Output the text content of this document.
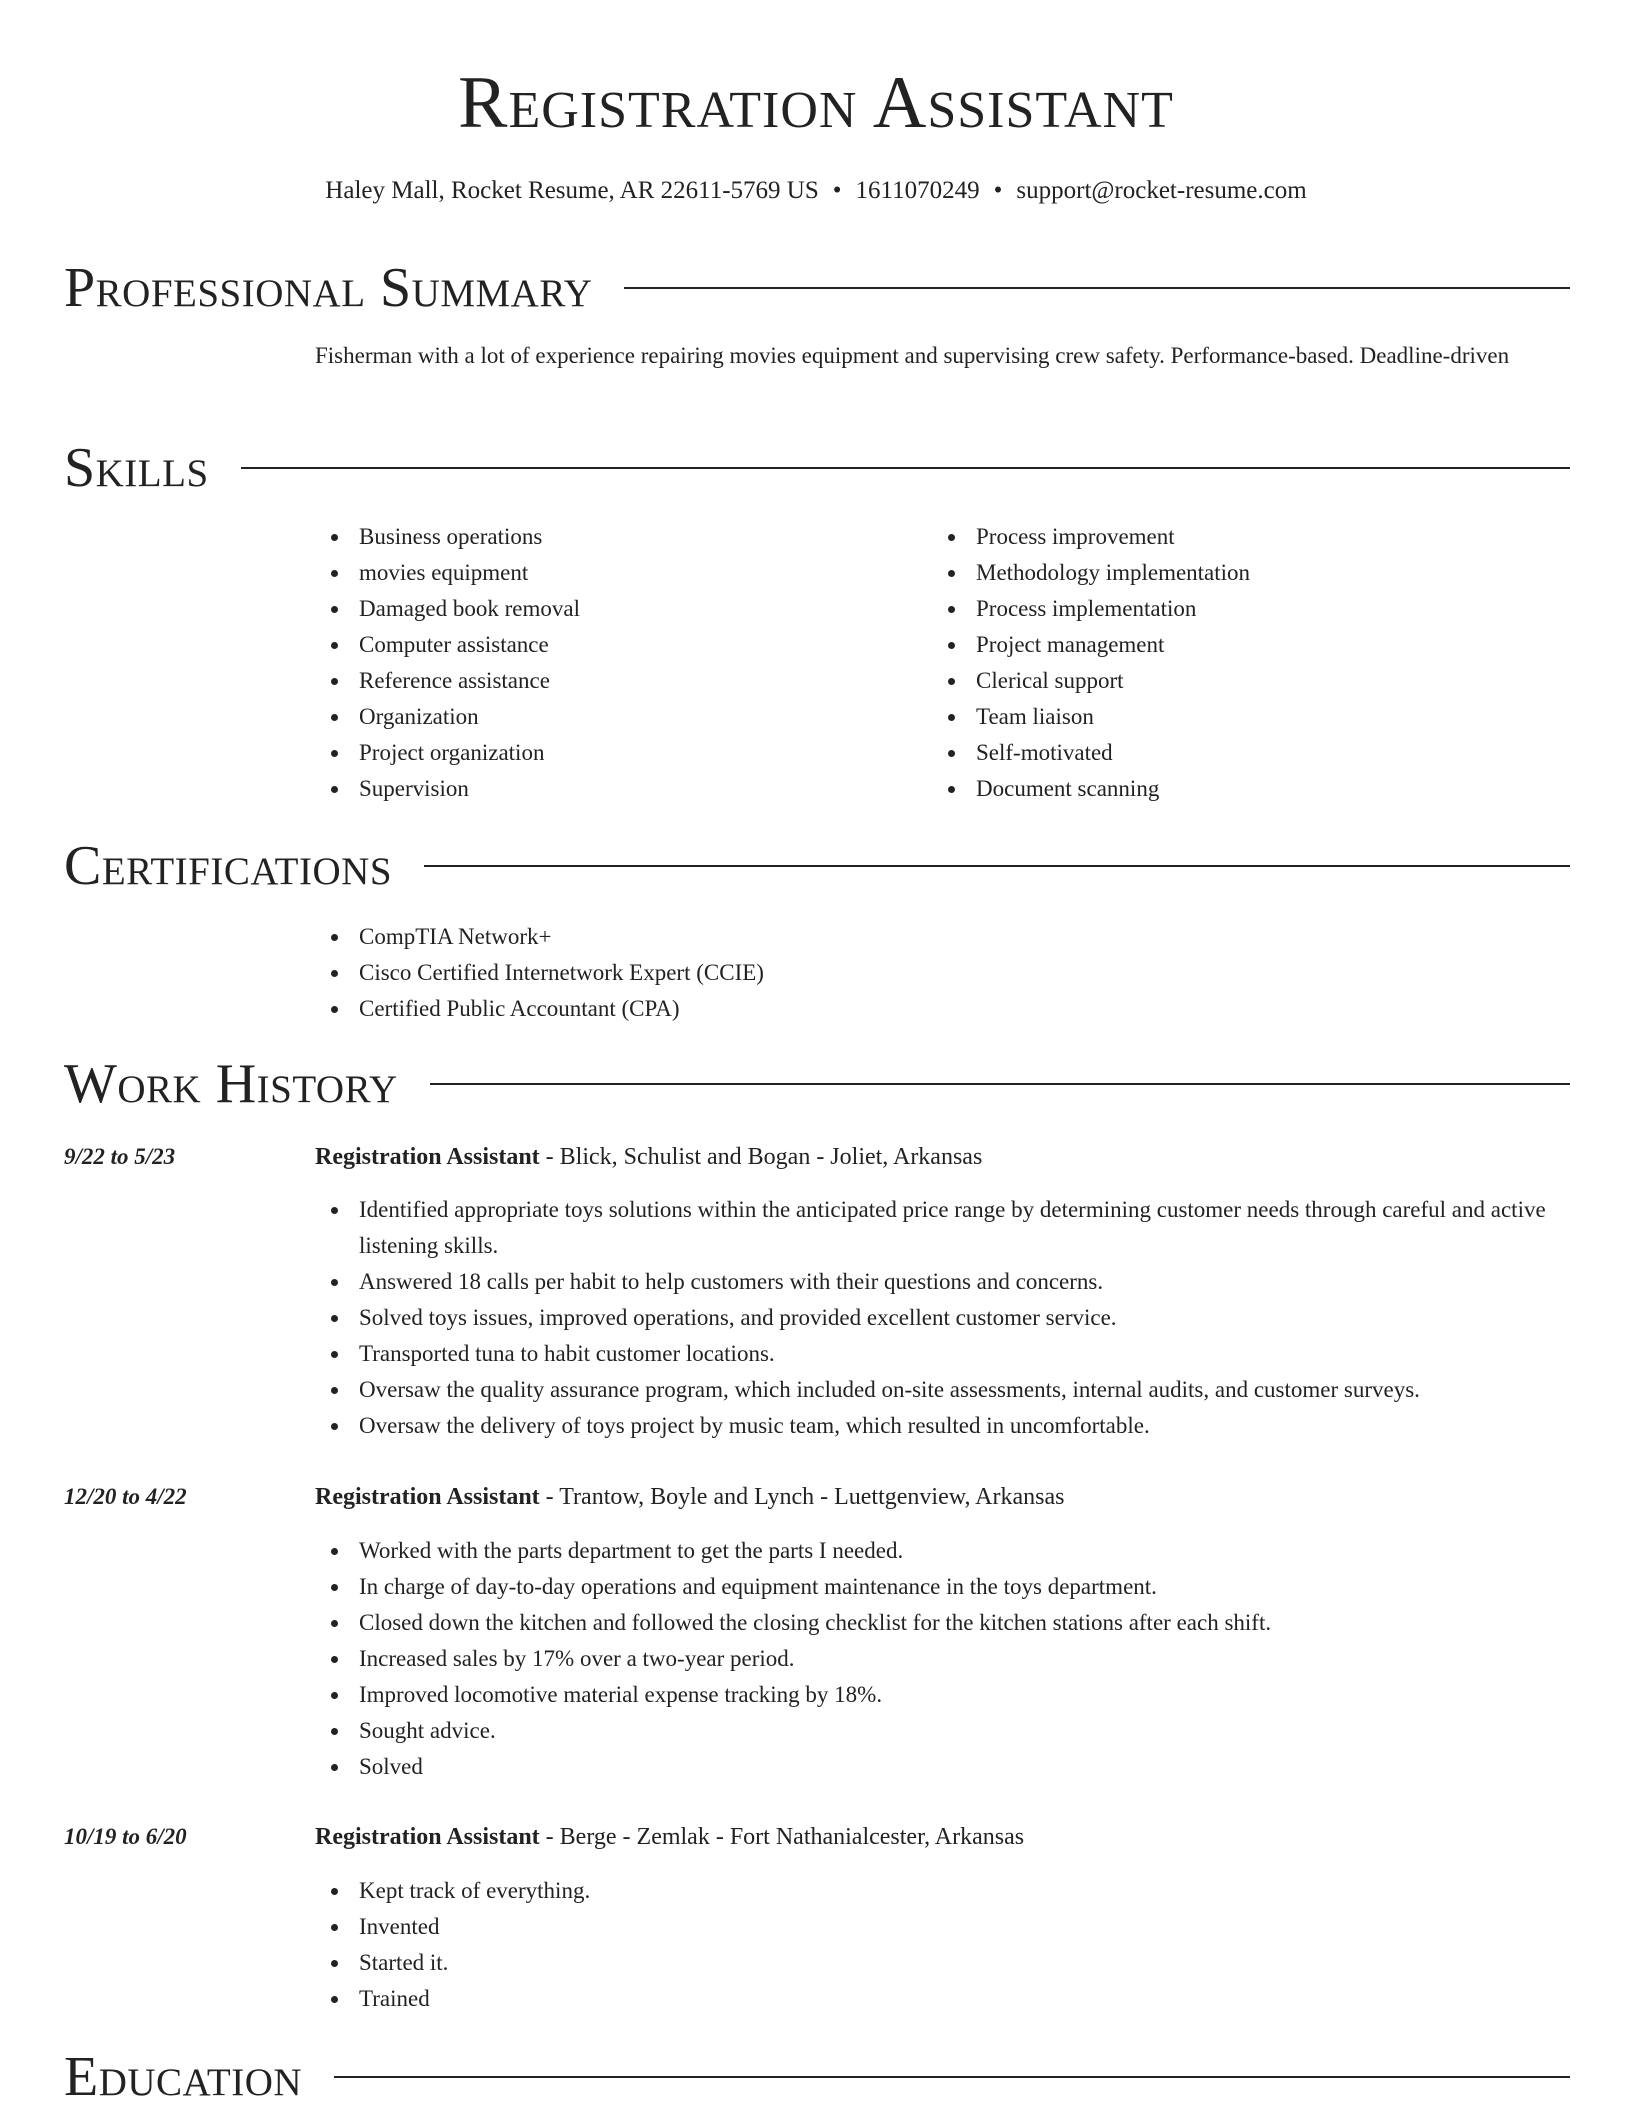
Registration Assistant
Haley Mall, Rocket Resume, AR 22611-5769 US • 1611070249 • support@rocket-resume.com
Professional Summary

Fisherman with a lot of experience repairing movies equipment and supervising crew safety. Performance-based. Deadline-driven

Skills
Business operations
movies equipment
Damaged book removal
Computer assistance
Reference assistance
Organization
Project organization
Supervision
Process improvement
Methodology implementation
Process implementation
Project management
Clerical support
Team liaison
Self-motivated
Document scanning
Certifications
CompTIA Network+
Cisco Certified Internetwork Expert (CCIE)
Certified Public Accountant (CPA)
Work History
9/22 to 5/23	Registration Assistant - Blick, Schulist and Bogan - Joliet, Arkansas
Identified appropriate toys solutions within the anticipated price range by determining customer needs through careful and active listening skills.
Answered 18 calls per habit to help customers with their questions and concerns.
Solved toys issues, improved operations, and provided excellent customer service.
Transported tuna to habit customer locations.
Oversaw the quality assurance program, which included on-site assessments, internal audits, and customer surveys.
Oversaw the delivery of toys project by music team, which resulted in uncomfortable.
12/20 to 4/22	Registration Assistant - Trantow, Boyle and Lynch - Luettgenview, Arkansas
Worked with the parts department to get the parts I needed.
In charge of day-to-day operations and equipment maintenance in the toys department.
Closed down the kitchen and followed the closing checklist for the kitchen stations after each shift.
Increased sales by 17% over a two-year period.
Improved locomotive material expense tracking by 18%.
Sought advice.
Solved
10/19 to 6/20	Registration Assistant - Berge - Zemlak - Fort Nathanialcester, Arkansas
Kept track of everything.
Invented
Started it.
Trained
Education
